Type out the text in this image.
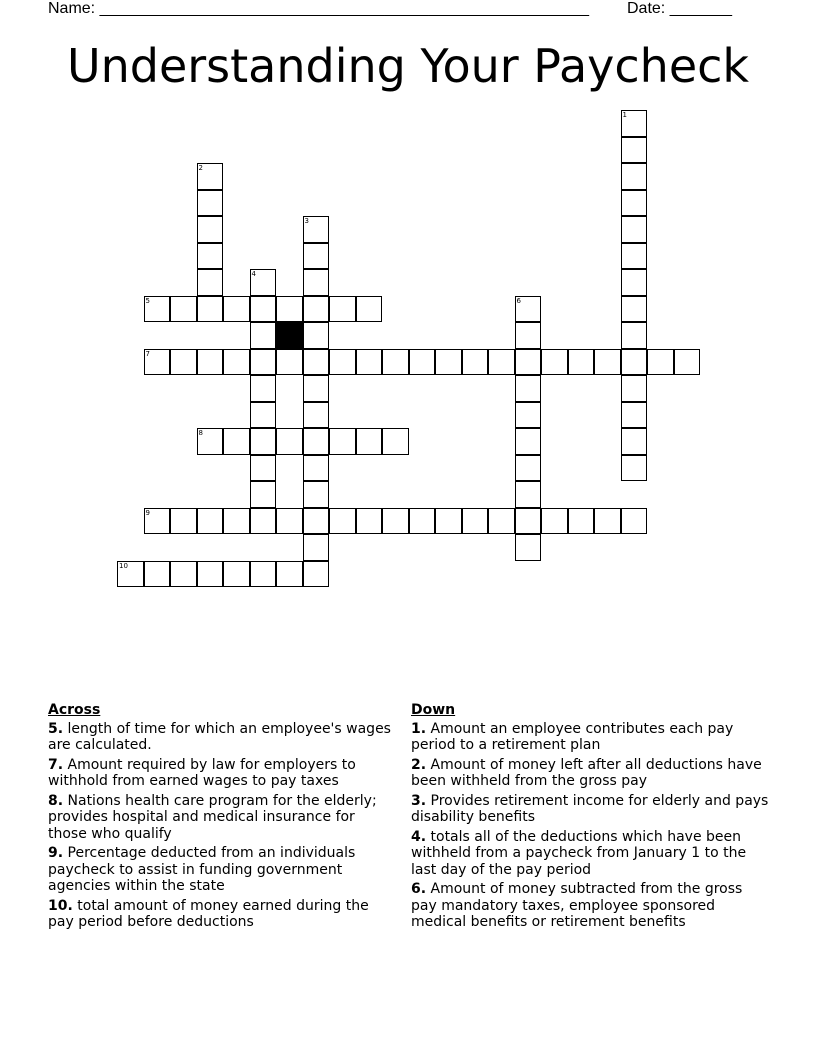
Name: _______________________________________________________ Date: _______
Understanding Your Paycheck
1
2
3
4
5	6
7
8
9
10
Across
5. length of time for which an employee's wages are calculated.
7. Amount required by law for employers to withhold from earned wages to pay taxes
8. Nations health care program for the elderly; provides hospital and medical insurance for those who qualify
9. Percentage deducted from an individuals paycheck to assist in funding government agencies within the state
10. total amount of money earned during the pay period before deductions
Down
1. Amount an employee contributes each pay period to a retirement plan
2. Amount of money left after all deductions have been withheld from the gross pay
3. Provides retirement income for elderly and pays disability benefits
4. totals all of the deductions which have been withheld from a paycheck from January 1 to the last day of the pay period
6. Amount of money subtracted from the gross pay mandatory taxes, employee sponsored medical benefits or retirement benefits
